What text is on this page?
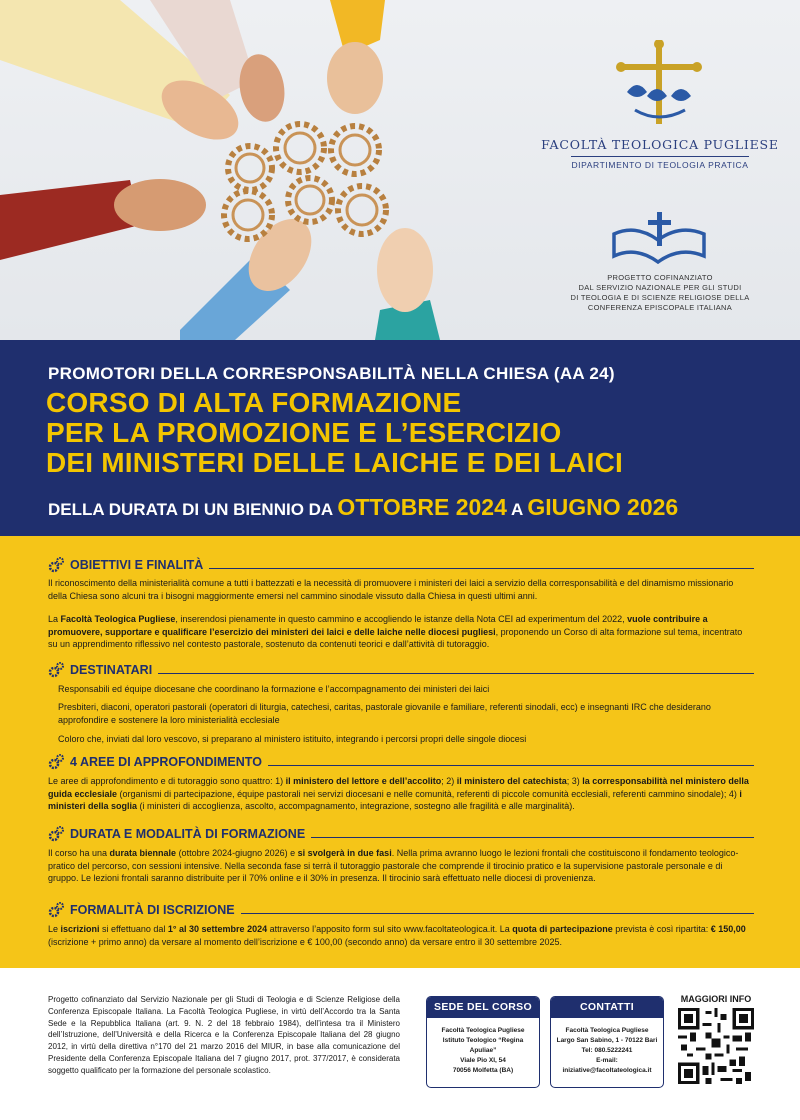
FACOLTÀ TEOLOGICA PUGLIESE
DIPARTIMENTO DI TEOLOGIA PRATICA
PROGETTO COFINANZIATO
DAL SERVIZIO NAZIONALE PER GLI STUDI
DI TEOLOGIA E DI SCIENZE RELIGIOSE DELLA
CONFERENZA EPISCOPALE ITALIANA
PROMOTORI DELLA CORRESPONSABILITÀ NELLA CHIESA (AA 24)
CORSO DI ALTA FORMAZIONE
PER LA PROMOZIONE E L’ESERCIZIO
DEI MINISTERI DELLE LAICHE E DEI LAICI
DELLA DURATA DI UN BIENNIO DA OTTOBRE 2024 A GIUGNO 2026
OBIETTIVI E FINALITÀ
Il riconoscimento della ministerialità comune a tutti i battezzati e la necessità di promuovere i ministeri dei laici a servizio della corresponsabilità e del dinamismo missionario della Chiesa sono alcuni tra i bisogni maggiormente emersi nel cammino sinodale vissuto dalla Chiesa in questi ultimi anni.
La Facoltà Teologica Pugliese, inserendosi pienamente in questo cammino e accogliendo le istanze della Nota CEI ad experimentum del 2022, vuole contribuire a promuovere, supportare e qualificare l’esercizio dei ministeri dei laici e delle laiche nelle diocesi pugliesi, proponendo un Corso di alta formazione sul tema, incentrato su un apprendimento riflessivo nel contesto pastorale, sostenuto da contenuti teorici e dall’attività di tutoraggio.
DESTINATARI
Responsabili ed équipe diocesane che coordinano la formazione e l’accompagnamento dei ministeri dei laici
Presbiteri, diaconi, operatori pastorali (operatori di liturgia, catechesi, caritas, pastorale giovanile e familiare, referenti sinodali, ecc) e insegnanti IRC che desiderano approfondire e sostenere la loro ministerialità ecclesiale
Coloro che, inviati dal loro vescovo, si preparano al ministero istituito, integrando i percorsi propri delle singole diocesi
4 AREE DI APPROFONDIMENTO
Le aree di approfondimento e di tutoraggio sono quattro: 1) il ministero del lettore e dell’accolito; 2) il ministero del catechista; 3) la corresponsabilità nel ministero della guida ecclesiale (organismi di partecipazione, équipe pastorali nei servizi diocesani e nelle comunità, referenti di piccole comunità ecclesiali, referenti cammino sinodale); 4) i ministeri della soglia (i ministeri di accoglienza, ascolto, accompagnamento, integrazione, sostegno alle fragilità e alle marginalità).
DURATA E MODALITÀ DI FORMAZIONE
Il corso ha una durata biennale (ottobre 2024-giugno 2026) e si svolgerà in due fasi. Nella prima avranno luogo le lezioni frontali che costituiscono il fondamento teologico-pratico del percorso, con sessioni intensive. Nella seconda fase si terrà il tutoraggio pastorale che comprende il tirocinio pratico e la supervisione pastorale personale e di gruppo. Le lezioni frontali saranno distribuite per il 70% online e il 30% in presenza. Il tirocinio sarà effettuato nelle diocesi di provenienza.
FORMALITÀ DI ISCRIZIONE
Le iscrizioni si effettuano dal 1° al 30 settembre 2024 attraverso l’apposito form sul sito www.facoltateologica.it. La quota di partecipazione prevista è così ripartita: € 150,00 (iscrizione + primo anno) da versare al momento dell’iscrizione e € 100,00 (secondo anno) da versare entro il 30 settembre 2025.
Progetto cofinanziato dal Servizio Nazionale per gli Studi di Teologia e di Scienze Religiose della Conferenza Episcopale Italiana. La Facoltà Teologica Pugliese, in virtù dell’Accordo tra la Santa Sede e la Repubblica Italiana (art. 9. N. 2 del 18 febbraio 1984), dell’intesa tra il Ministero dell’Istruzione, dell’Università e della Ricerca e la Conferenza Episcopale Italiana del 28 giugno 2012, in virtù della direttiva n°170 del 21 marzo 2016 del MIUR, in base alla comunicazione del Presidente della Conferenza Episcopale Italiana del 7 giugno 2017, prot. 377/2017, è considerata soggetto qualificato per la formazione del personale scolastico.
SEDE DEL CORSO
Facoltà Teologica Pugliese
Istituto Teologico “Regina Apuliae”
Viale Pio XI, 54
70056 Molfetta (BA)
CONTATTI
Facoltà Teologica Pugliese
Largo San Sabino, 1 - 70122 Bari
Tel: 080.5222241
E-mail: iniziative@facoltateologica.it
MAGGIORI INFO
